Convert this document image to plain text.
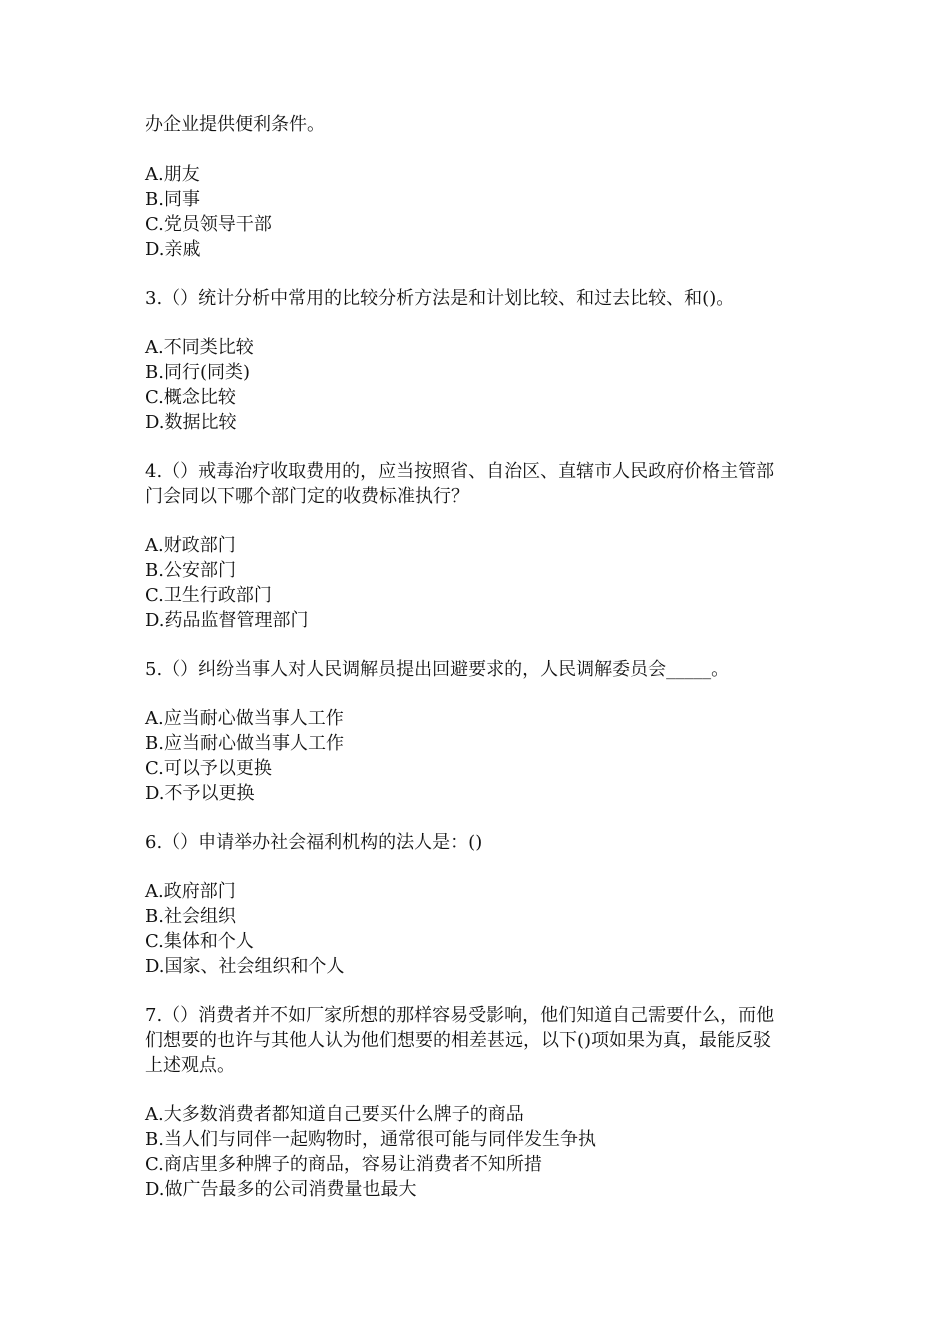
办企业提供便利条件。

A.朋友

B.同事

C.党员领导干部

D.亲戚

3.（）统计分析中常用的比较分析方法是和计划比较、和过去比较、和()。

A.不同类比较

B.同行(同类)

C.概念比较

D.数据比较

4.（）戒毒治疗收取费用的，应当按照省、自治区、直辖市人民政府价格主管部

门会同以下哪个部门定的收费标准执行？

A.财政部门

B.公安部门

C.卫生行政部门

D.药品监督管理部门

5.（）纠纷当事人对人民调解员提出回避要求的，人民调解委员会_____。

A.应当耐心做当事人工作

B.应当耐心做当事人工作

C.可以予以更换

D.不予以更换

6.（）申请举办社会福利机构的法人是：()

A.政府部门

B.社会组织

C.集体和个人

D.国家、社会组织和个人

7.（）消费者并不如厂家所想的那样容易受影响，他们知道自己需要什么，而他

们想要的也许与其他人认为他们想要的相差甚远，以下()项如果为真，最能反驳

上述观点。

A.大多数消费者都知道自己要买什么牌子的商品

B.当人们与同伴一起购物时，通常很可能与同伴发生争执

C.商店里多种牌子的商品，容易让消费者不知所措

D.做广告最多的公司消费量也最大
